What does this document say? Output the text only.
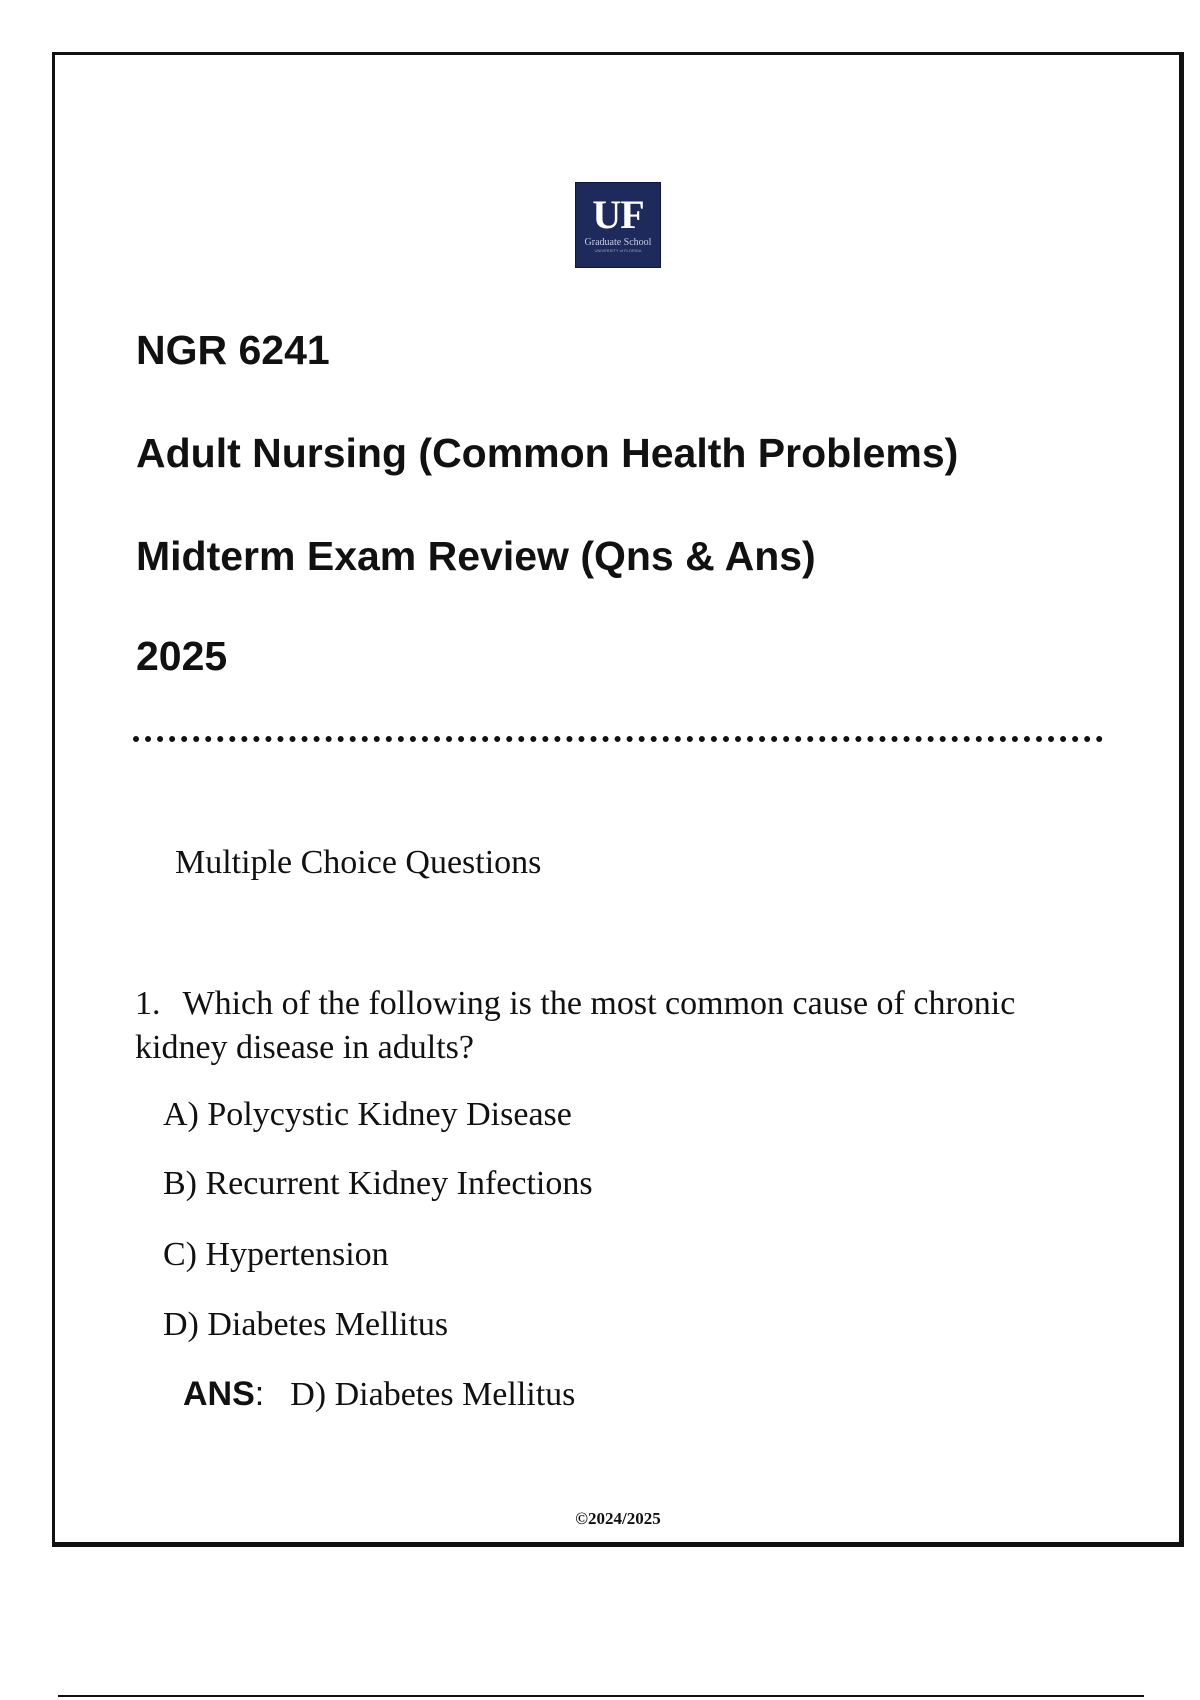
UF
Graduate School
UNIVERSITY of FLORIDA
NGR 6241
Adult Nursing (Common Health Problems)
Midterm Exam Review (Qns & Ans)
2025
Multiple Choice Questions
1. Which of the following is the most common cause of chronic kidney disease in adults?
A) Polycystic Kidney Disease
B) Recurrent Kidney Infections
C) Hypertension
D) Diabetes Mellitus
ANS: D) Diabetes Mellitus
©2024/2025
